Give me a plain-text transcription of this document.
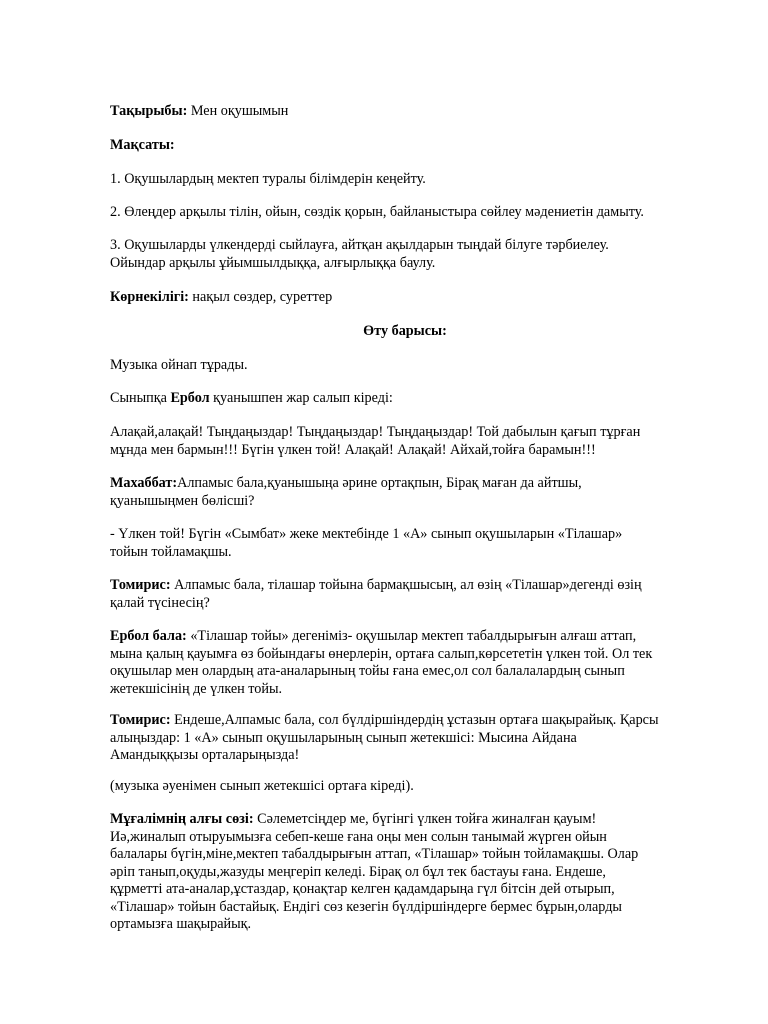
Тақырыбы: Мен оқушымын
Мақсаты:
1. Оқушылардың мектеп туралы білімдерін кеңейту.
2. Өлеңдер арқылы тілін, ойын, сөздік қорын, байланыстыра сөйлеу мәдениетін дамыту.
3. Оқушыларды үлкендерді сыйлауға, айтқан ақылдарын тыңдай білуге тәрбиелеу.
Ойындар арқылы ұйымшылдыққа, алғырлыққа баулу.
Көрнекілігі: нақыл сөздер, суреттер
Өту барысы:
Музыка ойнап тұрады.
Сыныпқа Ербол қуанышпен жар салып кіреді:
Алақай,алақай! Тыңдаңыздар! Тыңдаңыздар! Тыңдаңыздар! Той дабылын қағып тұрған
мұнда мен бармын!!! Бүгін үлкен той! Алақай! Алақай! Айхай,тойға барамын!!!
Махаббат:Алпамыс бала,қуанышыңа әрине ортақпын, Бірақ маған да айтшы,
қуанышыңмен бөлісші?
- Үлкен той! Бүгін «Сымбат» жеке мектебінде 1 «А» сынып оқушыларын «Тілашар»
тойын тойламақшы.
Томирис: Алпамыс бала, тілашар тойына бармақшысың, ал өзің «Тілашар»дегенді өзің
қалай түсінесің?
Ербол бала: «Тілашар тойы» дегеніміз- оқушылар мектеп табалдырығын алғаш аттап,
мына қалың қауымға өз бойындағы өнерлерін, ортаға салып,көрсететін үлкен той. Ол тек
оқушылар мен олардың ата-аналарының тойы ғана емес,ол сол балалалардың сынып
жетекшісінің де үлкен тойы.
Томирис: Ендеше,Алпамыс бала, сол бүлдіршіндердің ұстазын ортаға шақырайық. Қарсы
алыңыздар: 1 «А» сынып оқушыларының сынып жетекшісі: Мысина Айдана
Амандыққызы орталарыңызда!
(музыка әуенімен сынып жетекшісі ортаға кіреді).
Мұғалімнің алғы сөзі: Сәлеметсіңдер ме, бүгінгі үлкен тойға жиналған қауым!
Иә,жиналып отыруымызға себеп-кеше ғана оңы мен солын танымай жүрген ойын
балалары бүгін,міне,мектеп табалдырығын аттап, «Тілашар» тойын тойламақшы. Олар
әріп танып,оқуды,жазуды меңгеріп келеді. Бірақ ол бұл тек бастауы ғана. Ендеше,
құрметті ата-аналар,ұстаздар, қонақтар келген қадамдарыңа гүл бітсін дей отырып,
«Тілашар» тойын бастайық. Ендігі сөз кезегін бүлдіршіндерге бермес бұрын,оларды
ортамызға шақырайық.
